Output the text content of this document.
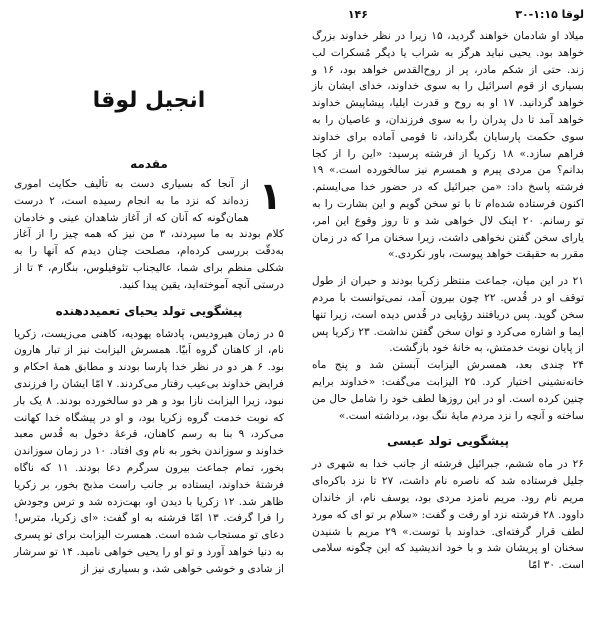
لوقا ۱:۱۵-۳۰
۱۴۶

میلاد او شادمان خواهند گردید، ۱۵ زیرا در نظر خداوند بزرگ خواهد بود. یحیی نباید هرگز به شراب یا دیگر مُسکرات لب زند. حتی از شکم مادر، پر از روح‌القدس خواهد بود، ۱۶ و بسیاری از قوم اسرائیل را به سوی خداوند، خدای ایشان باز خواهد گردانید. ۱۷ او به روح و قدرت ایلیا، پیشاپیش خداوند خواهد آمد تا دل پدران را به سوی فرزندان، و عاصیان را به سوی حکمت پارسایان بگرداند، تا قومی آماده برای خداوند فراهم سازد.» ۱۸ زکریا از فرشته پرسید: «این را از کجا بدانم؟ من مردی پیرم و همسرم نیز سالخورده است.» ۱۹ فرشته پاسخ داد: «من جبرائیل که در حضور خدا می‌ایستم. اکنون فرستاده شده‌ام تا با تو سخن گویم و این بشارت را به تو رسانم. ۲۰ اینک لال خواهی شد و تا روز وقوع این امر، یارای سخن گفتن نخواهی داشت، زیرا سخنان مرا که در زمان مقرر به حقیقت خواهد پیوست، باور نکردی.»

۲۱ در این میان، جماعت منتظر زکریا بودند و حیران از طول توقف او در قُدس. ۲۲ چون بیرون آمد، نمی‌توانست با مردم سخن گوید. پس دریافتند رؤیایی در قُدس دیده است، زیرا تنها ایما و اشاره می‌کرد و توان سخن گفتن نداشت. ۲۳ زکریا پس از پایان نوبت خدمتش، به خانهٔ خود بازگشت.

۲۴ چندی بعد، همسرش الیزابت آبستن شد و پنج ماه خانه‌نشینی اختیار کرد. ۲۵ الیزابت می‌گفت: «خداوند برایم چنین کرده است. او در این روزها لطف خود را شامل حال من ساخته و آنچه را نزد مردم مایهٔ ننگ بود، برداشته است.»

پیشگویی تولد عیسی

۲۶ در ماه ششم، جبرائیل فرشته از جانب خدا به شهری در جلیل فرستاده شد که ناصره نام داشت، ۲۷ تا نزد باکره‌ای مریم نام رود. مریم نامزد مردی بود، یوسف نام، از خاندان داوود. ۲۸ فرشته نزد او رفت و گفت: «سلام بر تو ای که مورد لطف قرار گرفته‌ای. خداوند با توست.» ۲۹ مریم با شنیدن سخنان او پریشان شد و با خود اندیشید که این چگونه سلامی است. ۳۰ امّا

انجیل لوقا
مقدمه
۱

از آنجا که بسیاری دست به تألیف حکایت اموری زده‌اند که نزد ما به انجام رسیده است، ۲ درست همان‌گونه که آنان که از آغاز شاهدان عینی و خادمان کلام بودند به ما سپردند، ۳ من نیز که همه چیز را از آغاز به‌دقّت بررسی کرده‌ام، مصلحت چنان دیدم که آنها را به شکلی منظم برای شما، عالیجناب تئوفیلوس، بنگارم، ۴ تا از درستی آنچه آموخته‌اید، یقین پیدا کنید.

پیشگویی تولد یحیای تعمیددهنده

۵ در زمان هیرودیس، پادشاه یهودیه، کاهنی می‌زیست، زکریا نام، از کاهنان گروه اَبیّا. همسرش الیزابت نیز از تبار هارون بود. ۶ هر دو در نظر خدا پارسا بودند و مطابق همهٔ احکام و فرایض خداوند بی‌عیب رفتار می‌کردند. ۷ امّا ایشان را فرزندی نبود، زیرا الیزابت نازا بود و هر دو سالخورده بودند. ۸ یک بار که نوبت خدمت گروه زکریا بود، و او در پیشگاه خدا کهانت می‌کرد، ۹ بنا به رسم کاهنان، قرعهٔ دخول به قُدس معبد خداوند و سوزاندن بخور به نام وی افتاد. ۱۰ در زمان سوزاندن بخور، تمام جماعت بیرون سرگرم دعا بودند. ۱۱ که ناگاه فرشتهٔ خداوند، ایستاده بر جانب راست مذبح بخور، بر زکریا ظاهر شد. ۱۲ زکریا با دیدن او، بهت‌زده شد و ترس وجودش را فرا گرفت. ۱۳ امّا فرشته به او گفت: «ای زکریا، مترس! دعای تو مستجاب شده است. همسرت الیزابت برای تو پسری به دنیا خواهد آورد و تو او را یحیی خواهی نامید. ۱۴ تو سرشار از شادی و خوشی خواهی شد، و بسیاری نیز از
